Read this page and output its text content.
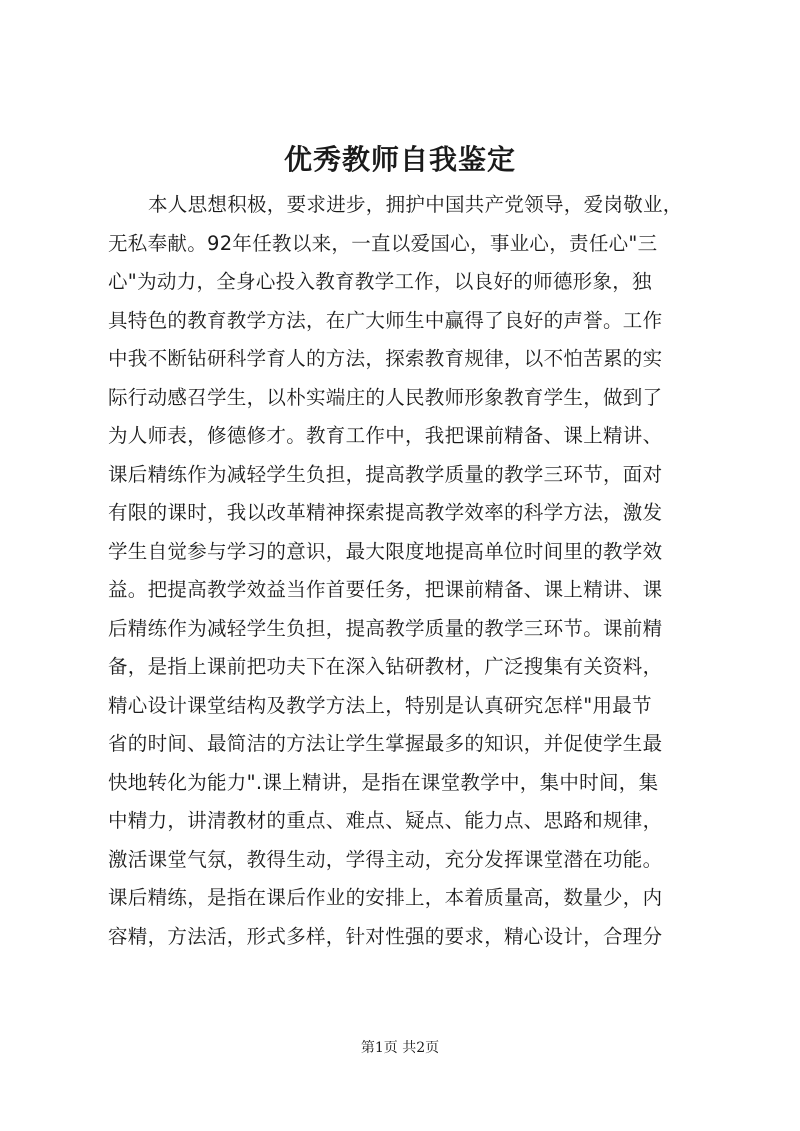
优秀教师自我鉴定
本人思想积极，要求进步，拥护中国共产党领导，爱岗敬业，
无私奉献。92年任教以来，一直以爱国心，事业心，责任心"三
心"为动力，全身心投入教育教学工作，以良好的师德形象，独
具特色的教育教学方法，在广大师生中赢得了良好的声誉。工作
中我不断钻研科学育人的方法，探索教育规律，以不怕苦累的实
际行动感召学生，以朴实端庄的人民教师形象教育学生，做到了
为人师表，修德修才。教育工作中，我把课前精备、课上精讲、
课后精练作为减轻学生负担，提高教学质量的教学三环节，面对
有限的课时，我以改革精神探索提高教学效率的科学方法，激发
学生自觉参与学习的意识，最大限度地提高单位时间里的教学效
益。把提高教学效益当作首要任务，把课前精备、课上精讲、课
后精练作为减轻学生负担，提高教学质量的教学三环节。课前精
备，是指上课前把功夫下在深入钻研教材，广泛搜集有关资料，
精心设计课堂结构及教学方法上，特别是认真研究怎样"用最节
省的时间、最简洁的方法让学生掌握最多的知识，并促使学生最
快地转化为能力".课上精讲，是指在课堂教学中，集中时间，集
中精力，讲清教材的重点、难点、疑点、能力点、思路和规律，
激活课堂气氛，教得生动，学得主动，充分发挥课堂潜在功能。
课后精练，是指在课后作业的安排上，本着质量高，数量少，内
容精，方法活，形式多样，针对性强的要求，精心设计，合理分
第1页 共2页
